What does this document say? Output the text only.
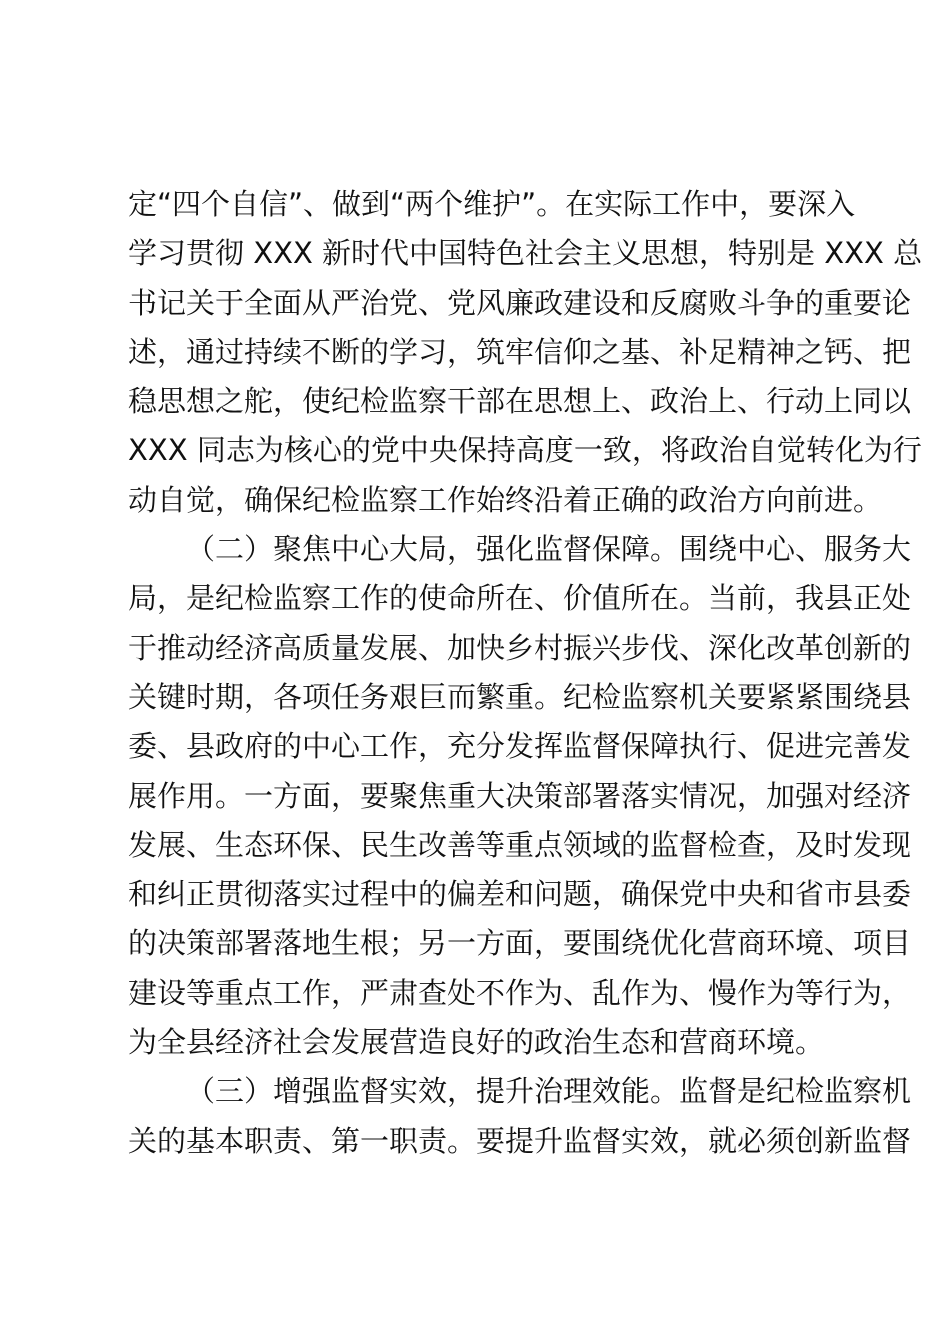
定“四个自信”、做到“两个维护”。在实际工作中，要深入
学习贯彻 XXX 新时代中国特色社会主义思想，特别是 XXX 总
书记关于全面从严治党、党风廉政建设和反腐败斗争的重要论
述，通过持续不断的学习，筑牢信仰之基、补足精神之钙、把
稳思想之舵，使纪检监察干部在思想上、政治上、行动上同以
XXX 同志为核心的党中央保持高度一致，将政治自觉转化为行
动自觉，确保纪检监察工作始终沿着正确的政治方向前进。
（二）聚焦中心大局，强化监督保障。围绕中心、服务大
局，是纪检监察工作的使命所在、价值所在。当前，我县正处
于推动经济高质量发展、加快乡村振兴步伐、深化改革创新的
关键时期，各项任务艰巨而繁重。纪检监察机关要紧紧围绕县
委、县政府的中心工作，充分发挥监督保障执行、促进完善发
展作用。一方面，要聚焦重大决策部署落实情况，加强对经济
发展、生态环保、民生改善等重点领域的监督检查，及时发现
和纠正贯彻落实过程中的偏差和问题，确保党中央和省市县委
的决策部署落地生根；另一方面，要围绕优化营商环境、项目
建设等重点工作，严肃查处不作为、乱作为、慢作为等行为，
为全县经济社会发展营造良好的政治生态和营商环境。
（三）增强监督实效，提升治理效能。监督是纪检监察机
关的基本职责、第一职责。要提升监督实效，就必须创新监督
